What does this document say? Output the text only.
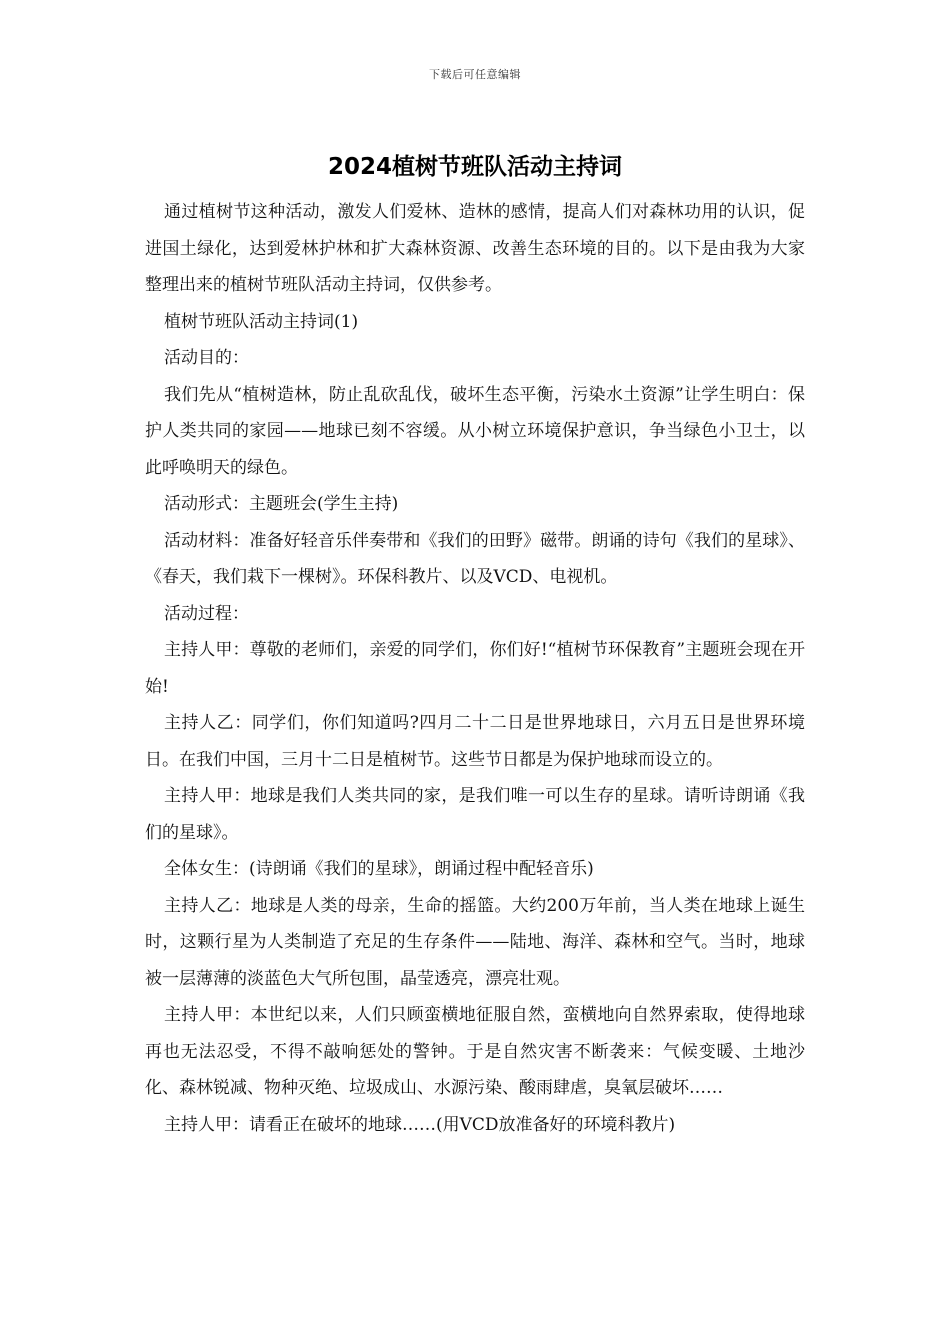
下载后可任意编辑
2024植树节班队活动主持词

通过植树节这种活动，激发人们爱林、造林的感情，提高人们对森林功用的认识，促进国土绿化，达到爱林护林和扩大森林资源、改善生态环境的目的。以下是由我为大家整理出来的植树节班队活动主持词，仅供参考。

植树节班队活动主持词(1)

活动目的：

我们先从“植树造林，防止乱砍乱伐，破坏生态平衡，污染水土资源”让学生明白：保护人类共同的家园——地球已刻不容缓。从小树立环境保护意识，争当绿色小卫士，以此呼唤明天的绿色。

活动形式：主题班会(学生主持)

活动材料：准备好轻音乐伴奏带和《我们的田野》磁带。朗诵的诗句《我们的星球》、《春天，我们栽下一棵树》。环保科教片、以及VCD、电视机。

活动过程：

主持人甲：尊敬的老师们，亲爱的同学们，你们好!“植树节环保教育”主题班会现在开始!

主持人乙：同学们，你们知道吗?四月二十二日是世界地球日，六月五日是世界环境日。在我们中国，三月十二日是植树节。这些节日都是为保护地球而设立的。

主持人甲：地球是我们人类共同的家，是我们唯一可以生存的星球。请听诗朗诵《我们的星球》。

全体女生：(诗朗诵《我们的星球》，朗诵过程中配轻音乐)

主持人乙：地球是人类的母亲，生命的摇篮。大约200万年前，当人类在地球上诞生时，这颗行星为人类制造了充足的生存条件——陆地、海洋、森林和空气。当时，地球被一层薄薄的淡蓝色大气所包围，晶莹透亮，漂亮壮观。

主持人甲：本世纪以来，人们只顾蛮横地征服自然，蛮横地向自然界索取，使得地球再也无法忍受，不得不敲响惩处的警钟。于是自然灾害不断袭来：气候变暖、土地沙化、森林锐减、物种灭绝、垃圾成山、水源污染、酸雨肆虐，臭氧层破坏……

主持人甲：请看正在破坏的地球……(用VCD放准备好的环境科教片)
